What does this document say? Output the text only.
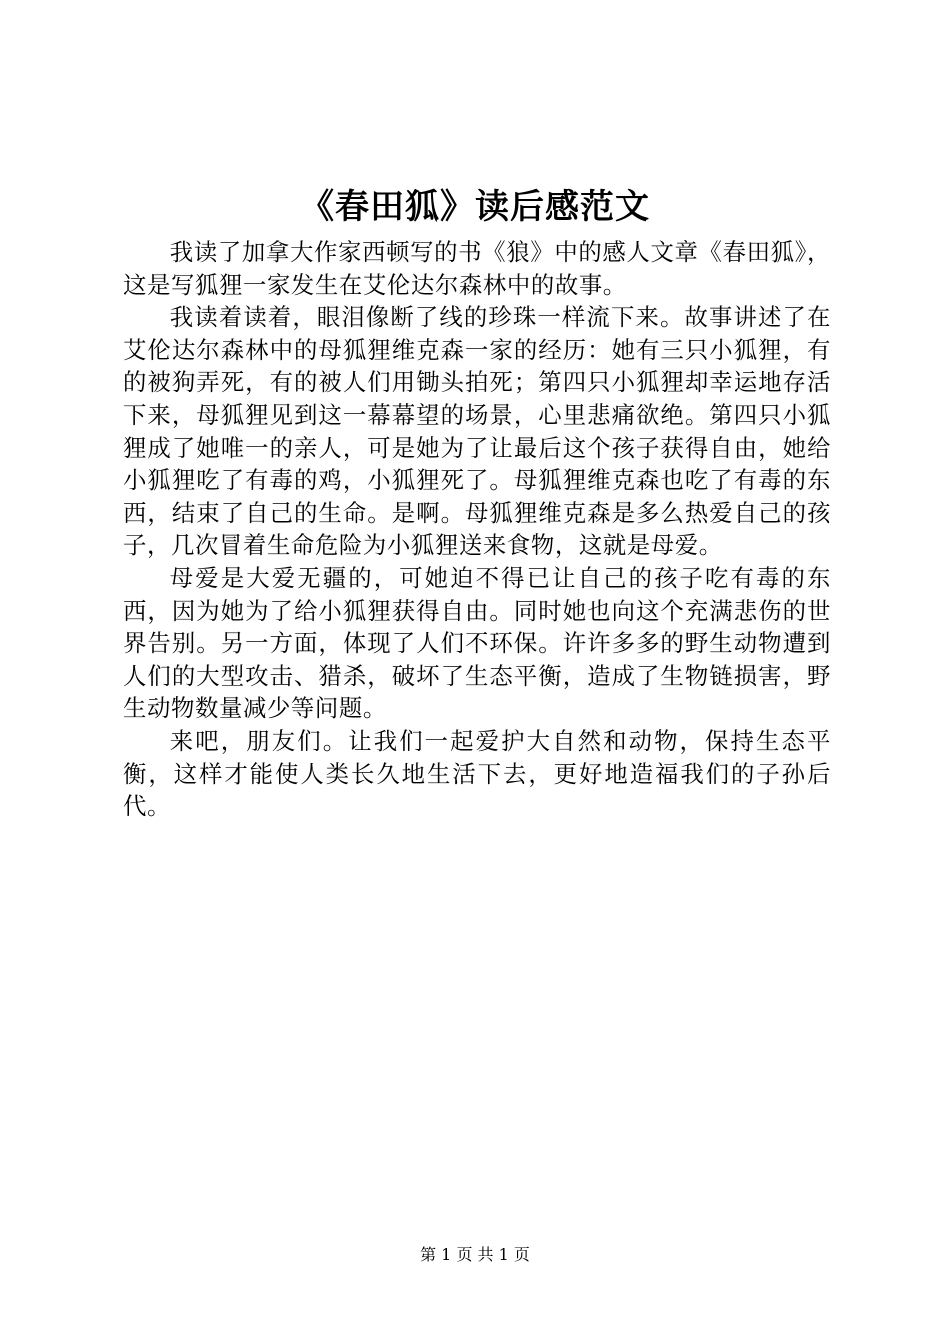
《春田狐》读后感范文

我读了加拿大作家西顿写的书《狼》中的感人文章《春田狐》，这是写狐狸一家发生在艾伦达尔森林中的故事。

我读着读着，眼泪像断了线的珍珠一样流下来。故事讲述了在艾伦达尔森林中的母狐狸维克森一家的经历：她有三只小狐狸，有的被狗弄死，有的被人们用锄头拍死；第四只小狐狸却幸运地存活下来，母狐狸见到这一幕幕望的场景，心里悲痛欲绝。第四只小狐狸成了她唯一的亲人，可是她为了让最后这个孩子获得自由，她给小狐狸吃了有毒的鸡，小狐狸死了。母狐狸维克森也吃了有毒的东西，结束了自己的生命。是啊。母狐狸维克森是多么热爱自己的孩子，几次冒着生命危险为小狐狸送来食物，这就是母爱。

母爱是大爱无疆的，可她迫不得已让自己的孩子吃有毒的东西，因为她为了给小狐狸获得自由。同时她也向这个充满悲伤的世界告别。另一方面，体现了人们不环保。许许多多的野生动物遭到人们的大型攻击、猎杀，破坏了生态平衡，造成了生物链损害，野生动物数量减少等问题。

来吧，朋友们。让我们一起爱护大自然和动物，保持生态平衡，这样才能使人类长久地生活下去，更好地造福我们的子孙后代。

第 1 页 共 1 页
